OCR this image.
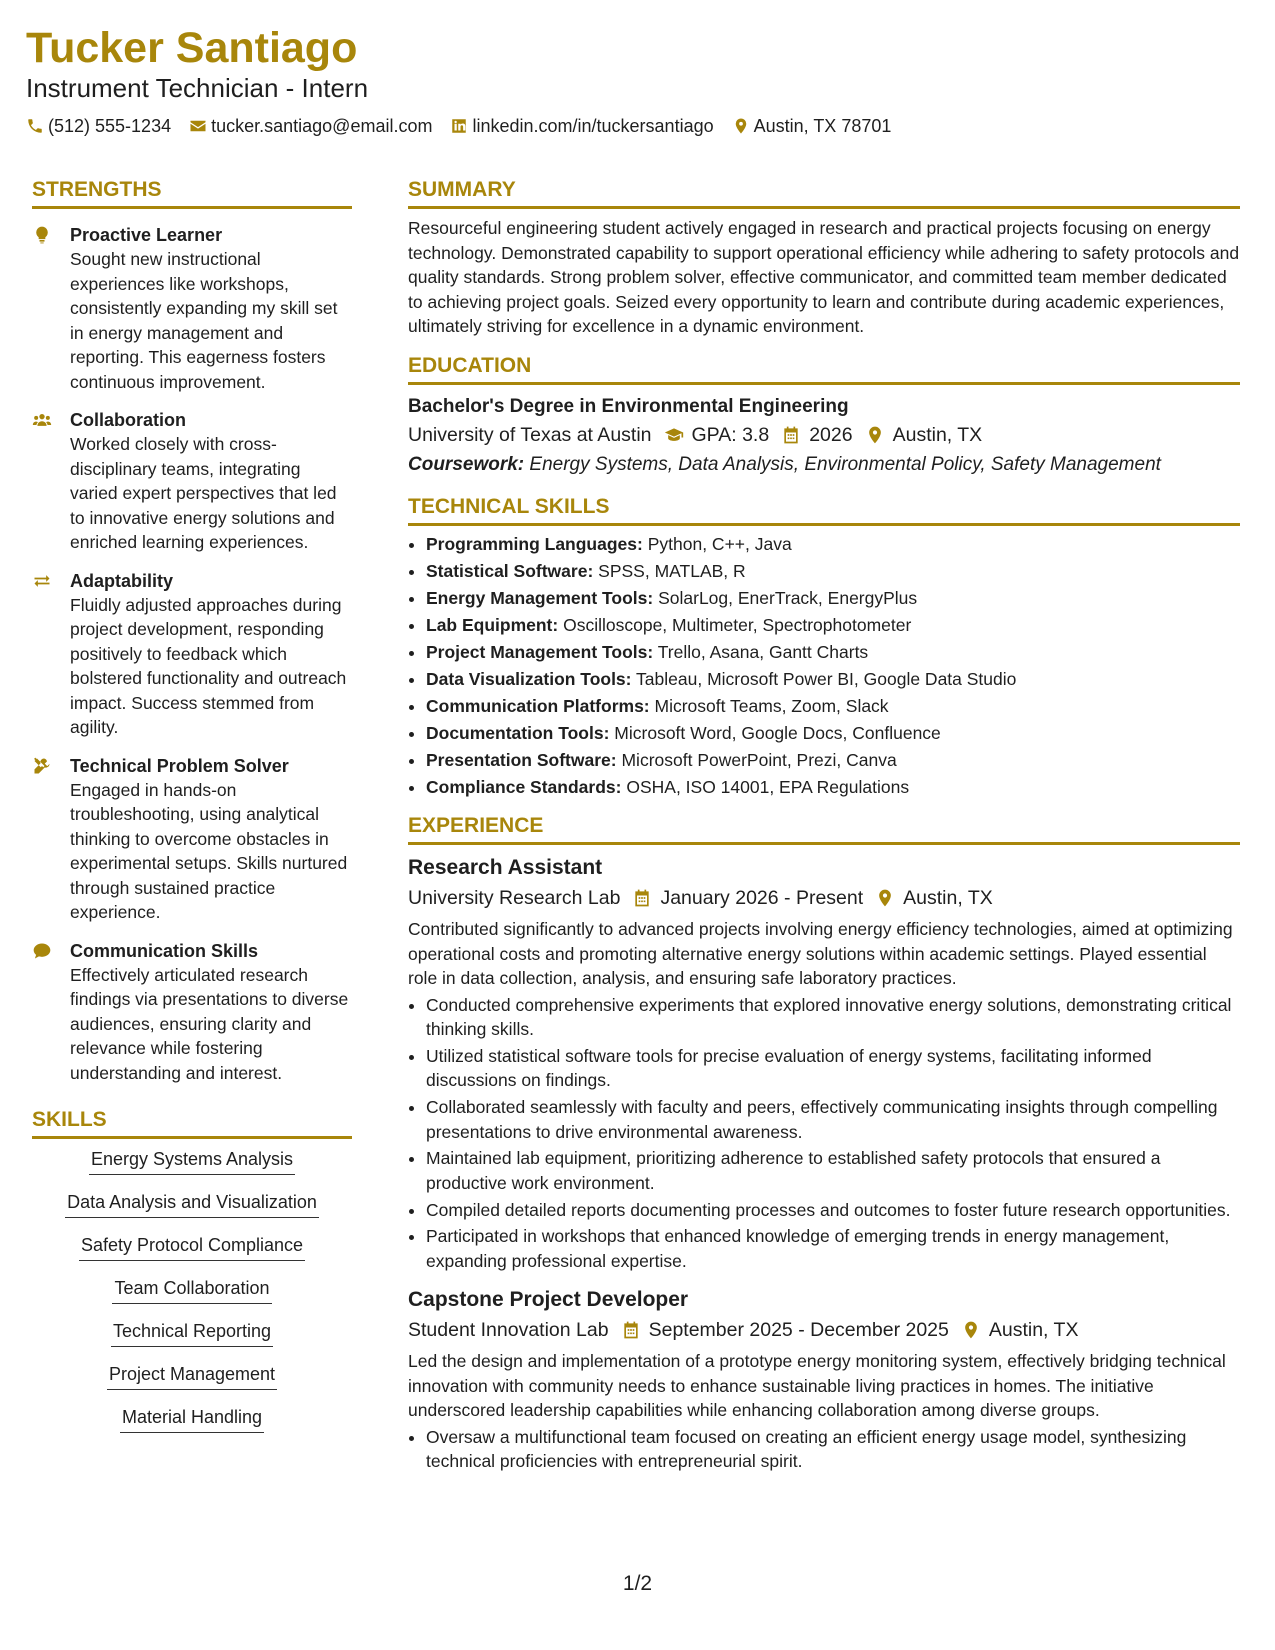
Tucker Santiago
Instrument Technician - Intern
(512) 555-1234 tucker.santiago@email.com linkedin.com/in/tuckersantiago Austin, TX 78701
STRENGTHS
Proactive Learner
Sought new instructional experiences like workshops, consistently expanding my skill set in energy management and reporting. This eagerness fosters continuous improvement.
Collaboration
Worked closely with cross-disciplinary teams, integrating varied expert perspectives that led to innovative energy solutions and enriched learning experiences.
Adaptability
Fluidly adjusted approaches during project development, responding positively to feedback which bolstered functionality and outreach impact. Success stemmed from agility.
Technical Problem Solver
Engaged in hands-on troubleshooting, using analytical thinking to overcome obstacles in experimental setups. Skills nurtured through sustained practice experience.
Communication Skills
Effectively articulated research findings via presentations to diverse audiences, ensuring clarity and relevance while fostering understanding and interest.
SKILLS
Energy Systems Analysis
Data Analysis and Visualization
Safety Protocol Compliance
Team Collaboration
Technical Reporting
Project Management
Material Handling
SUMMARY

Resourceful engineering student actively engaged in research and practical projects focusing on energy technology. Demonstrated capability to support operational efficiency while adhering to safety protocols and quality standards. Strong problem solver, effective communicator, and committed team member dedicated to achieving project goals. Seized every opportunity to learn and contribute during academic experiences, ultimately striving for excellence in a dynamic environment.

EDUCATION
Bachelor's Degree in Environmental Engineering
University of Texas at Austin GPA: 3.8 2026 Austin, TX
Coursework: Energy Systems, Data Analysis, Environmental Policy, Safety Management
TECHNICAL SKILLS
• Programming Languages: Python, C++, Java
• Statistical Software: SPSS, MATLAB, R
• Energy Management Tools: SolarLog, EnerTrack, EnergyPlus
• Lab Equipment: Oscilloscope, Multimeter, Spectrophotometer
• Project Management Tools: Trello, Asana, Gantt Charts
• Data Visualization Tools: Tableau, Microsoft Power BI, Google Data Studio
• Communication Platforms: Microsoft Teams, Zoom, Slack
• Documentation Tools: Microsoft Word, Google Docs, Confluence
• Presentation Software: Microsoft PowerPoint, Prezi, Canva
• Compliance Standards: OSHA, ISO 14001, EPA Regulations
EXPERIENCE
Research Assistant
University Research Lab January 2026 - Present Austin, TX

Contributed significantly to advanced projects involving energy efficiency technologies, aimed at optimizing operational costs and promoting alternative energy solutions within academic settings. Played essential role in data collection, analysis, and ensuring safe laboratory practices.

• Conducted comprehensive experiments that explored innovative energy solutions, demonstrating critical thinking skills.
• Utilized statistical software tools for precise evaluation of energy systems, facilitating informed discussions on findings.
• Collaborated seamlessly with faculty and peers, effectively communicating insights through compelling presentations to drive environmental awareness.
• Maintained lab equipment, prioritizing adherence to established safety protocols that ensured a productive work environment.
• Compiled detailed reports documenting processes and outcomes to foster future research opportunities.
• Participated in workshops that enhanced knowledge of emerging trends in energy management, expanding professional expertise.
Capstone Project Developer
Student Innovation Lab September 2025 - December 2025 Austin, TX

Led the design and implementation of a prototype energy monitoring system, effectively bridging technical innovation with community needs to enhance sustainable living practices in homes. The initiative underscored leadership capabilities while enhancing collaboration among diverse groups.

• Oversaw a multifunctional team focused on creating an efficient energy usage model, synthesizing technical proficiencies with entrepreneurial spirit.
1/2
